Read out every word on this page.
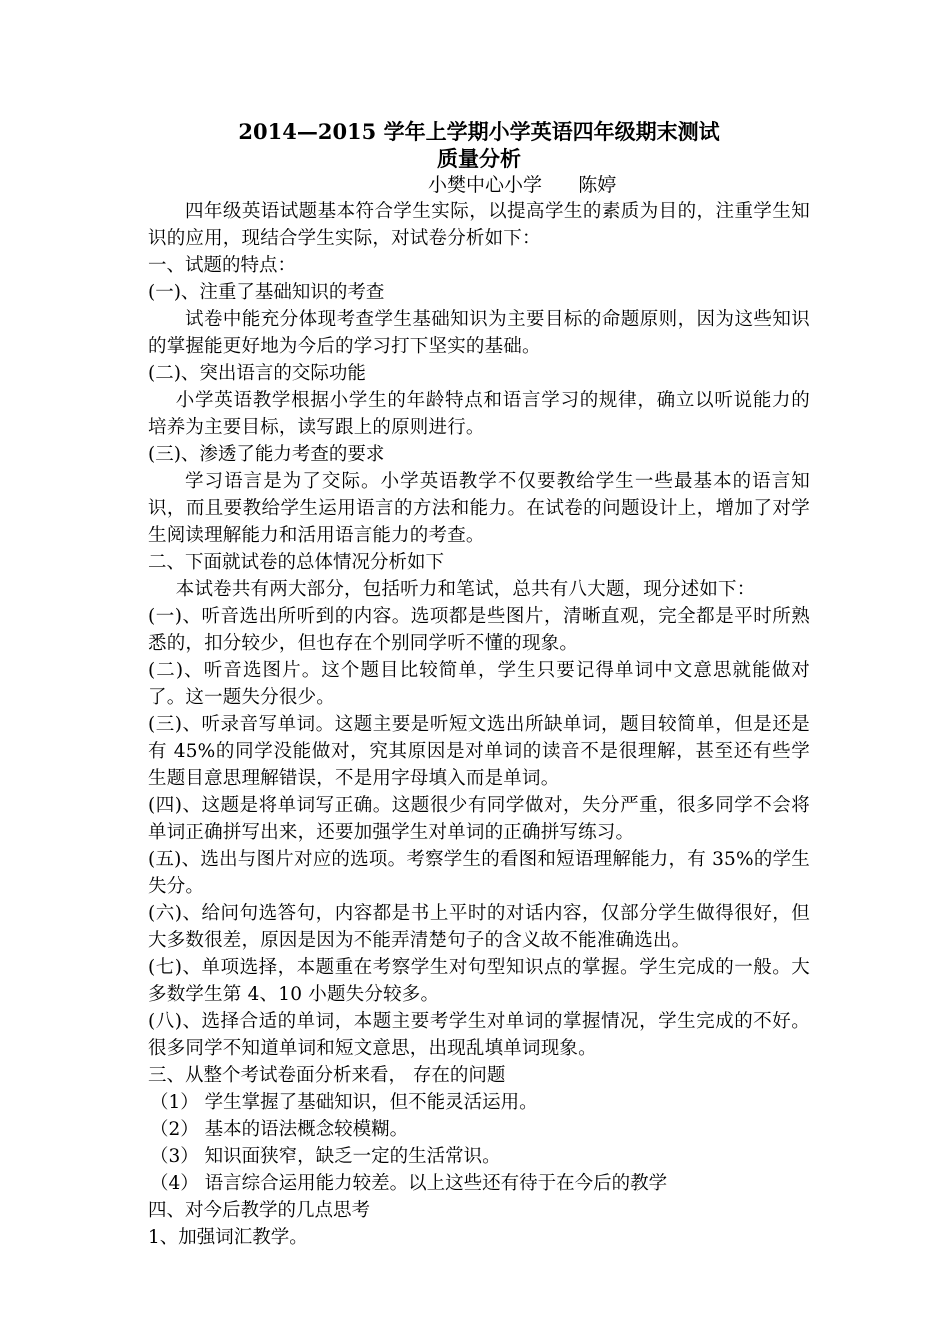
2014—2015 学年上学期小学英语四年级期末测试

质量分析

小樊中心小学      陈婷

四年级英语试题基本符合学生实际，以提高学生的素质为目的，注重学生知识的应用，现结合学生实际，对试卷分析如下：

一、试题的特点：

(一)、注重了基础知识的考查

试卷中能充分体现考查学生基础知识为主要目标的命题原则，因为这些知识的掌握能更好地为今后的学习打下坚实的基础。

(二)、突出语言的交际功能

小学英语教学根据小学生的年龄特点和语言学习的规律，确立以听说能力的培养为主要目标，读写跟上的原则进行。

(三)、渗透了能力考查的要求

学习语言是为了交际。小学英语教学不仅要教给学生一些最基本的语言知识，而且要教给学生运用语言的方法和能力。在试卷的问题设计上，增加了对学生阅读理解能力和活用语言能力的考查。

二、下面就试卷的总体情况分析如下

本试卷共有两大部分，包括听力和笔试，总共有八大题，现分述如下：

(一)、听音选出所听到的内容。选项都是些图片，清晰直观，完全都是平时所熟悉的，扣分较少，但也存在个别同学听不懂的现象。

(二)、听音选图片。这个题目比较简单，学生只要记得单词中文意思就能做对了。这一题失分很少。

(三)、听录音写单词。这题主要是听短文选出所缺单词，题目较简单，但是还是有 45%的同学没能做对，究其原因是对单词的读音不是很理解，甚至还有些学生题目意思理解错误，不是用字母填入而是单词。

(四)、这题是将单词写正确。这题很少有同学做对，失分严重，很多同学不会将单词正确拼写出来，还要加强学生对单词的正确拼写练习。

(五)、选出与图片对应的选项。考察学生的看图和短语理解能力，有 35%的学生失分。

(六)、给问句选答句，内容都是书上平时的对话内容，仅部分学生做得很好，但大多数很差，原因是因为不能弄清楚句子的含义故不能准确选出。

(七)、单项选择，本题重在考察学生对句型知识点的掌握。学生完成的一般。大多数学生第 4、10 小题失分较多。

(八)、选择合适的单词，本题主要考学生对单词的掌握情况，学生完成的不好。很多同学不知道单词和短文意思，出现乱填单词现象。

三、从整个考试卷面分析来看， 存在的问题

（1） 学生掌握了基础知识，但不能灵活运用。

（2） 基本的语法概念较模糊。

（3） 知识面狭窄，缺乏一定的生活常识。

（4） 语言综合运用能力较差。以上这些还有待于在今后的教学

四、对今后教学的几点思考

1、加强词汇教学。
